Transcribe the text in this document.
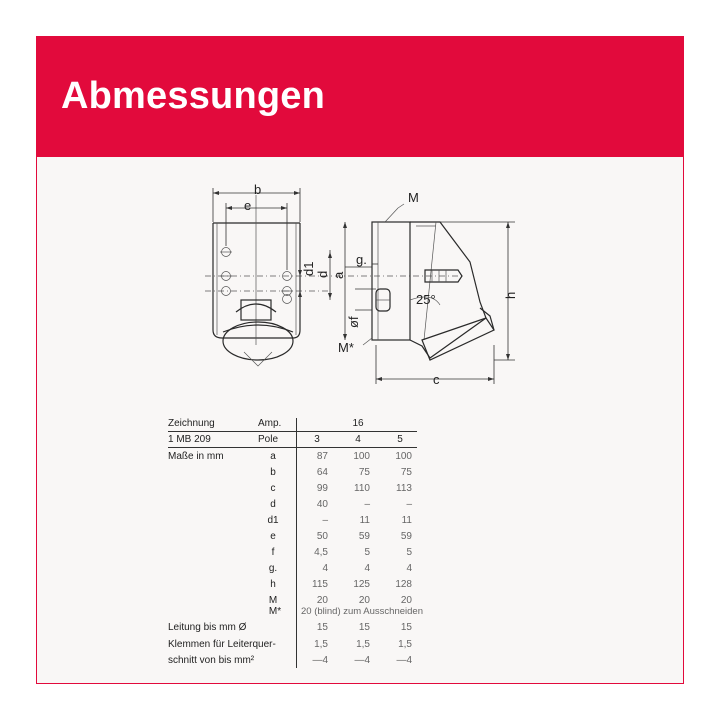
Abmessungen
b
e
M
d1 d a
g.
25°
øf
M*
h
c
Zeichnung	Amp.	16
1 MB 209	Pole	3	4	5
Maße in mm	a	87	100	100
b	64	75	75
c	99	110	113
d	40	–	–
d1	–	11	11
e	50	59	59
f	4,5	5	5
g.	4	4	4
h	115	125	128
M	20	20	20
M* 20 (blind) zum Ausschneiden
Leitung bis mm Ø	15	15	15
Klemmen für Leiterquer-	1,5	1,5	1,5
schnitt von bis mm²	—4	—4	—4
